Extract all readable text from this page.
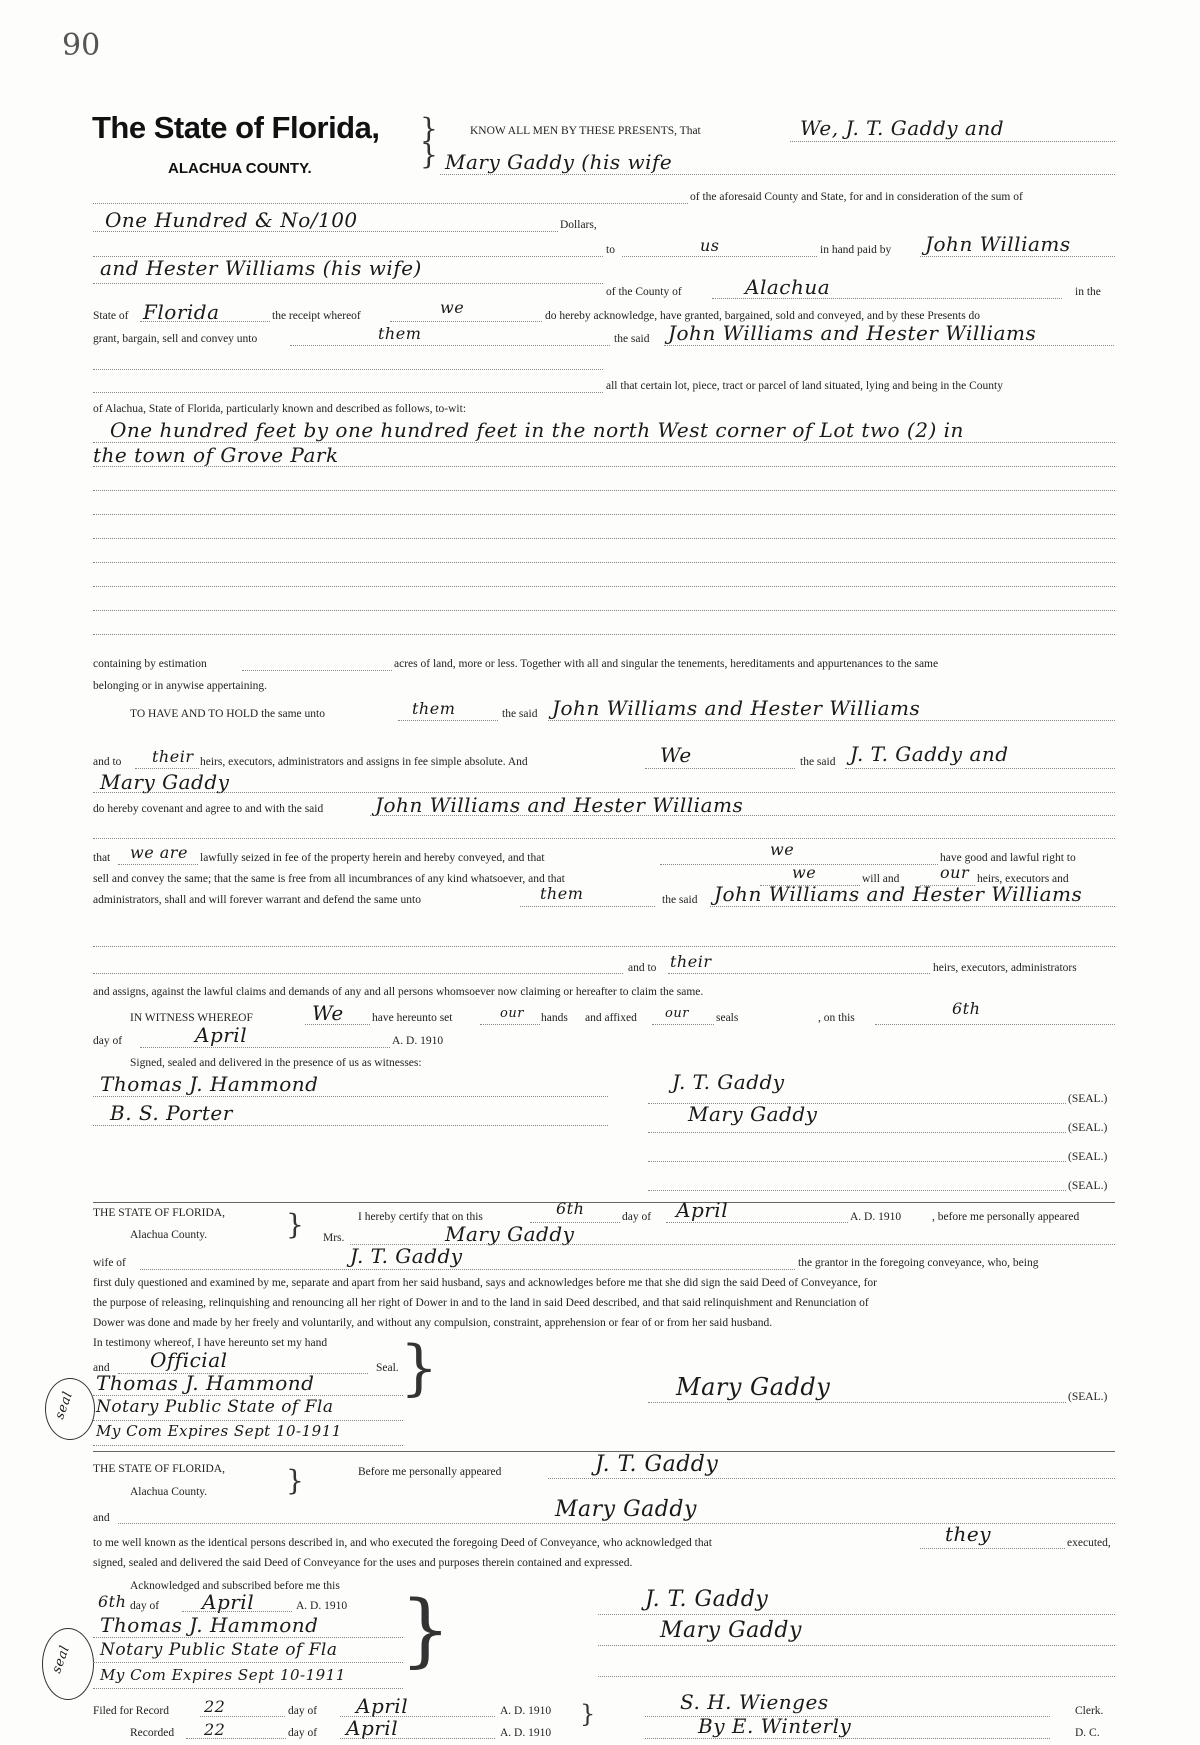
90
The State of Florida,
ALACHUA COUNTY.
}
}
KNOW ALL MEN BY THESE PRESENTS, That	We, J. T. Gaddy and
Mary Gaddy (his wife
of the aforesaid County and State, for and in consideration of the sum of
One Hundred & No/100	Dollars,
to	us	in hand paid by John Williams
and Hester Williams (his wife)
of the County of	Alachua	in the
State of Florida	the receipt whereof	we	do hereby acknowledge, have granted, bargained, sold and conveyed, and by these Presents do
grant, bargain, sell and convey unto	them	the said John Williams and Hester Williams
all that certain lot, piece, tract or parcel of land situated, lying and being in the County
of Alachua, State of Florida, particularly known and described as follows, to-wit:
One hundred feet by one hundred feet in the north West corner of Lot two (2) in
the town of Grove Park
containing by estimation	acres of land, more or less. Together with all and singular the tenements, hereditaments and appurtenances to the same
belonging or in anywise appertaining.
TO HAVE AND TO HOLD the same unto	them	the said John Williams and Hester Williams
and to their heirs, executors, administrators and assigns in fee simple absolute. And	We	the said J. T. Gaddy and
Mary Gaddy
do hereby covenant and agree to and with the said	John Williams and Hester Williams
that we are lawfully seized in fee of the property herein and hereby conveyed, and that	we	have good and lawful right to
sell and convey the same; that the same is free from all incumbrances of any kind whatsoever, and that	we	will and	our heirs, executors and
administrators, shall and will forever warrant and defend the same unto	them	the said John Williams and Hester Williams
and to their	heirs, executors, administrators
and assigns, against the lawful claims and demands of any and all persons whomsoever now claiming or hereafter to claim the same.
IN WITNESS WHEREOF	We have hereunto set	our hands and affixed our seals	, on this	6th
day of	April	A. D. 1910
Signed, sealed and delivered in the presence of us as witnesses:
Thomas J. Hammond
B. S. Porter
J. T. Gaddy
(SEAL.)
Mary Gaddy
(SEAL.)
(SEAL.)
(SEAL.)
THE STATE OF FLORIDA,
Alachua County.	}	I hereby certify that on this	6th	day of April	A. D. 1910	, before me personally appeared
Mrs.	Mary Gaddy
wife of	J. T. Gaddy	the grantor in the foregoing conveyance, who, being
first duly questioned and examined by me, separate and apart from her said husband, says and acknowledges before me that she did sign the said Deed of Conveyance, for
the purpose of releasing, relinquishing and renouncing all her right of Dower in and to the land in said Deed described, and that said relinquishment and Renunciation of
Dower was done and made by her freely and voluntarily, and without any compulsion, constraint, apprehension or fear of or from her said husband.
In testimony whereof, I have hereunto set my hand
and Official	Seal. }
seal
Thomas J. Hammond
Notary Public State of Fla
My Com Expires Sept 10-1911
Mary Gaddy	(SEAL.)
THE STATE OF FLORIDA,
Alachua County.	}	Before me personally appeared	J. T. Gaddy
and	Mary Gaddy
to me well known as the identical persons described in, and who executed the foregoing Deed of Conveyance, who acknowledged that	they	executed,
signed, sealed and delivered the said Deed of Conveyance for the uses and purposes therein contained and expressed.
Acknowledged and subscribed before me this
6th day of April	A. D. 1910
seal
Thomas J. Hammond
Notary Public State of Fla
My Com Expires Sept 10-1911 }	J. T. Gaddy
Mary Gaddy
Filed for Record 22	day of April	A. D. 1910 }	S. H. Wienges	Clerk.
Recorded 22	day of April	A. D. 1910	By E. Winterly	D. C.
